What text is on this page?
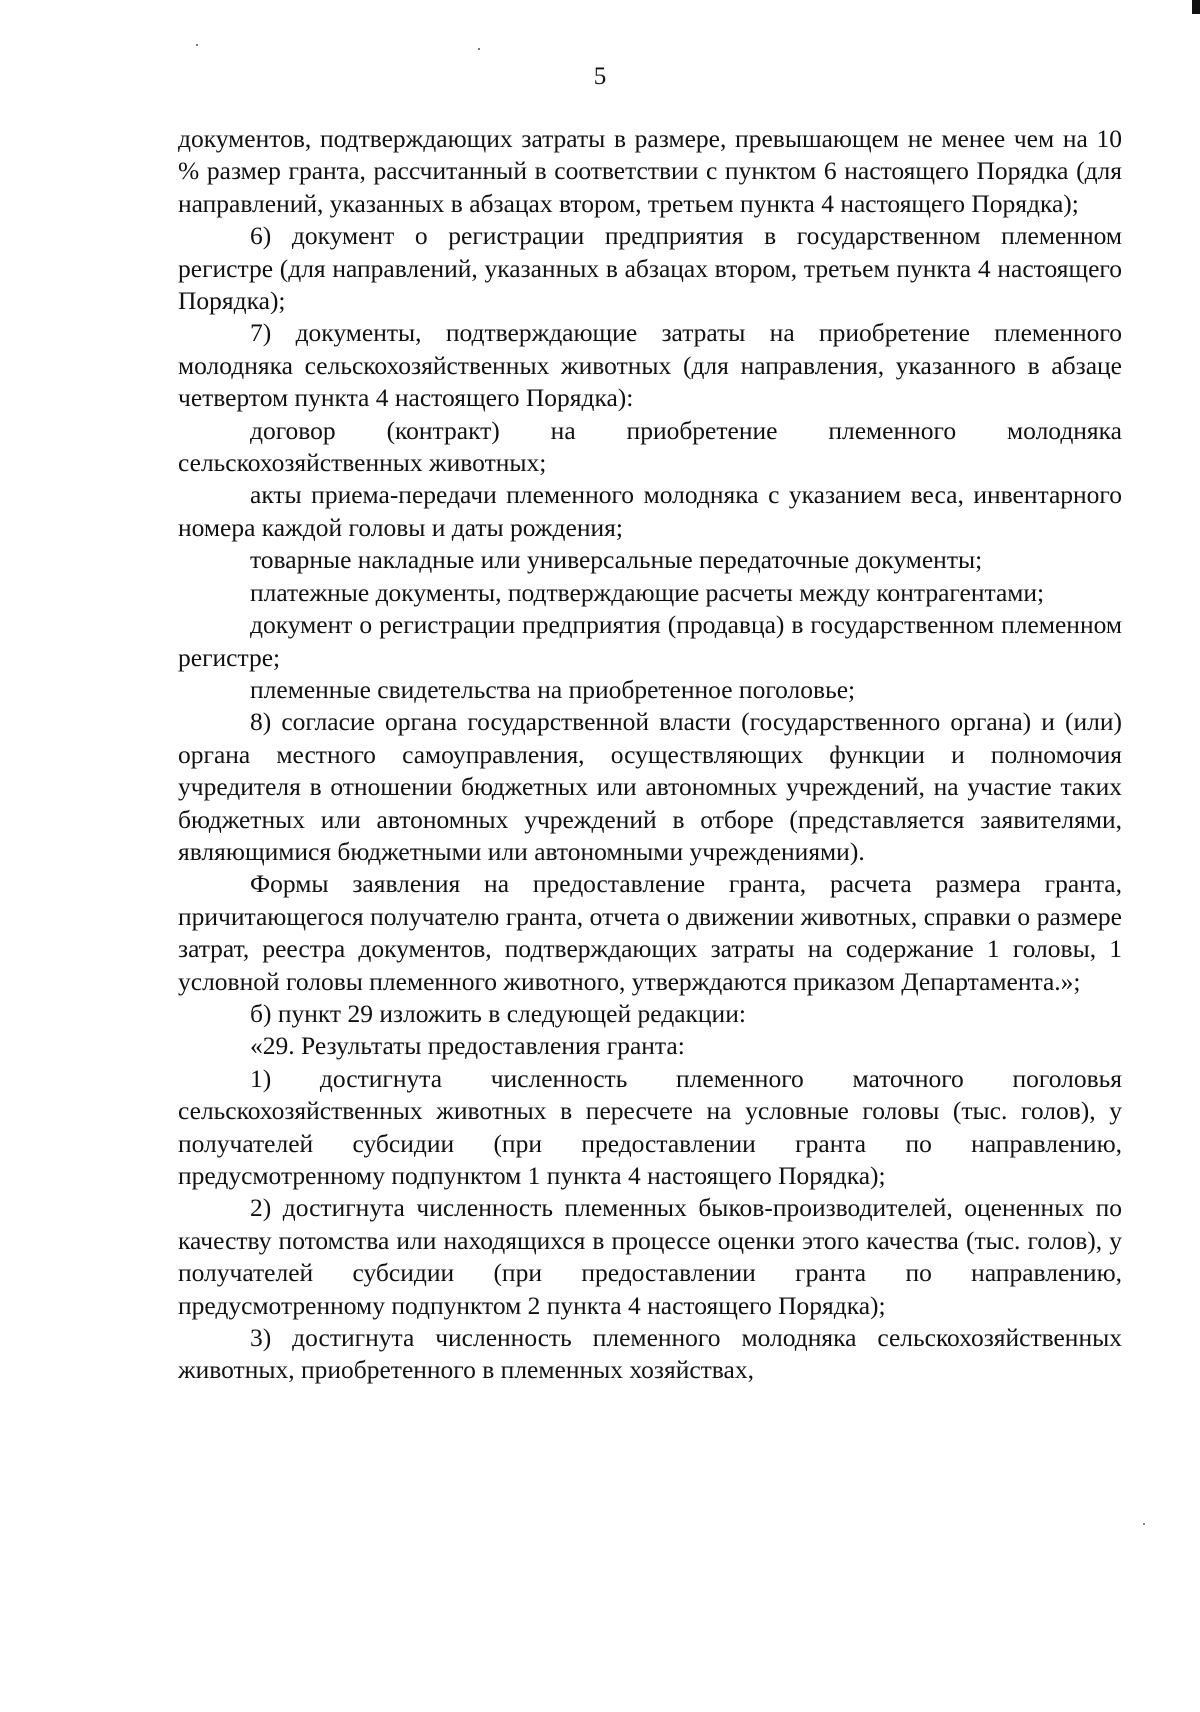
5

документов, подтверждающих затраты в размере, превышающем не менее чем на 10 % размер гранта, рассчитанный в соответствии с пунктом 6 настоящего Порядка (для направлений, указанных в абзацах втором, третьем пункта 4 настоящего Порядка);

6) документ о регистрации предприятия в государственном племенном регистре (для направлений, указанных в абзацах втором, третьем пункта 4 настоящего Порядка);

7) документы, подтверждающие затраты на приобретение племенного молодняка сельскохозяйственных животных (для направления, указанного в абзаце четвертом пункта 4 настоящего Порядка):

договор (контракт) на приобретение племенного молодняка сельскохозяйственных животных;

акты приема-передачи племенного молодняка с указанием веса, инвентарного номера каждой головы и даты рождения;

товарные накладные или универсальные передаточные документы;

платежные документы, подтверждающие расчеты между контрагентами;

документ о регистрации предприятия (продавца) в государственном племенном регистре;

племенные свидетельства на приобретенное поголовье;

8) согласие органа государственной власти (государственного органа) и (или) органа местного самоуправления, осуществляющих функции и полномочия учредителя в отношении бюджетных или автономных учреждений, на участие таких бюджетных или автономных учреждений в отборе (представляется заявителями, являющимися бюджетными или автономными учреждениями).

Формы заявления на предоставление гранта, расчета размера гранта, причитающегося получателю гранта, отчета о движении животных, справки о размере затрат, реестра документов, подтверждающих затраты на содержание 1 головы, 1 условной головы племенного животного, утверждаются приказом Департамента.»;

б) пункт 29 изложить в следующей редакции:

«29. Результаты предоставления гранта:

1) достигнута численность племенного маточного поголовья сельскохозяйственных животных в пересчете на условные головы (тыс. голов), у получателей субсидии (при предоставлении гранта по направлению, предусмотренному подпунктом 1 пункта 4 настоящего Порядка);

2) достигнута численность племенных быков-производителей, оцененных по качеству потомства или находящихся в процессе оценки этого качества (тыс. голов), у получателей субсидии (при предоставлении гранта по направлению, предусмотренному подпунктом 2 пункта 4 настоящего Порядка);

3) достигнута численность племенного молодняка сельскохозяйственных животных, приобретенного в племенных хозяйствах,
